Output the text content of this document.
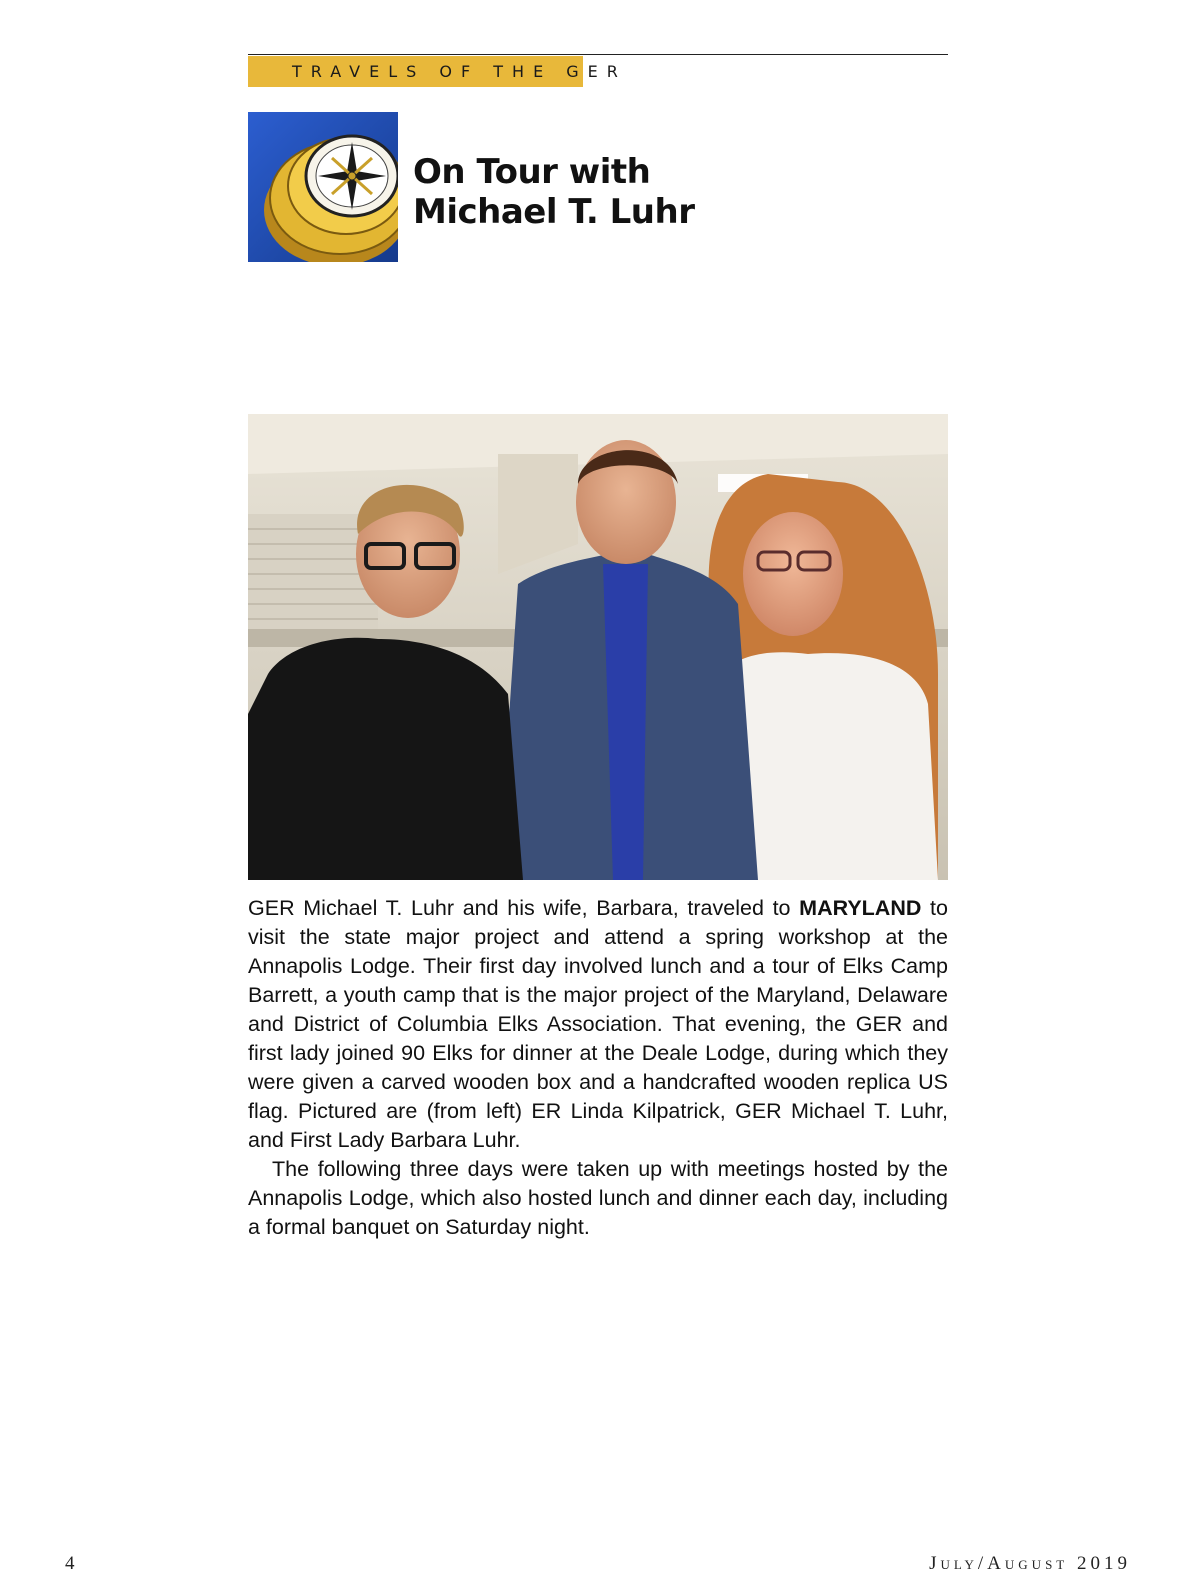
TRAVELS OF THE GER
On Tour with
Michael T. Luhr

GER Michael T. Luhr and his wife, Barbara, traveled to MARYLAND to visit the state major project and attend a spring workshop at the Annapolis Lodge. Their first day involved lunch and a tour of Elks Camp Barrett, a youth camp that is the major project of the Maryland, Delaware and District of Columbia Elks Association. That evening, the GER and first lady joined 90 Elks for dinner at the Deale Lodge, during which they were given a carved wooden box and a handcrafted wooden replica US flag. Pictured are (from left) ER Linda Kilpatrick, GER Michael T. Luhr, and First Lady Barbara Luhr.

The following three days were taken up with meetings hosted by the Annapolis Lodge, which also hosted lunch and dinner each day, including a formal banquet on Saturday night.

4	July/August 2019
